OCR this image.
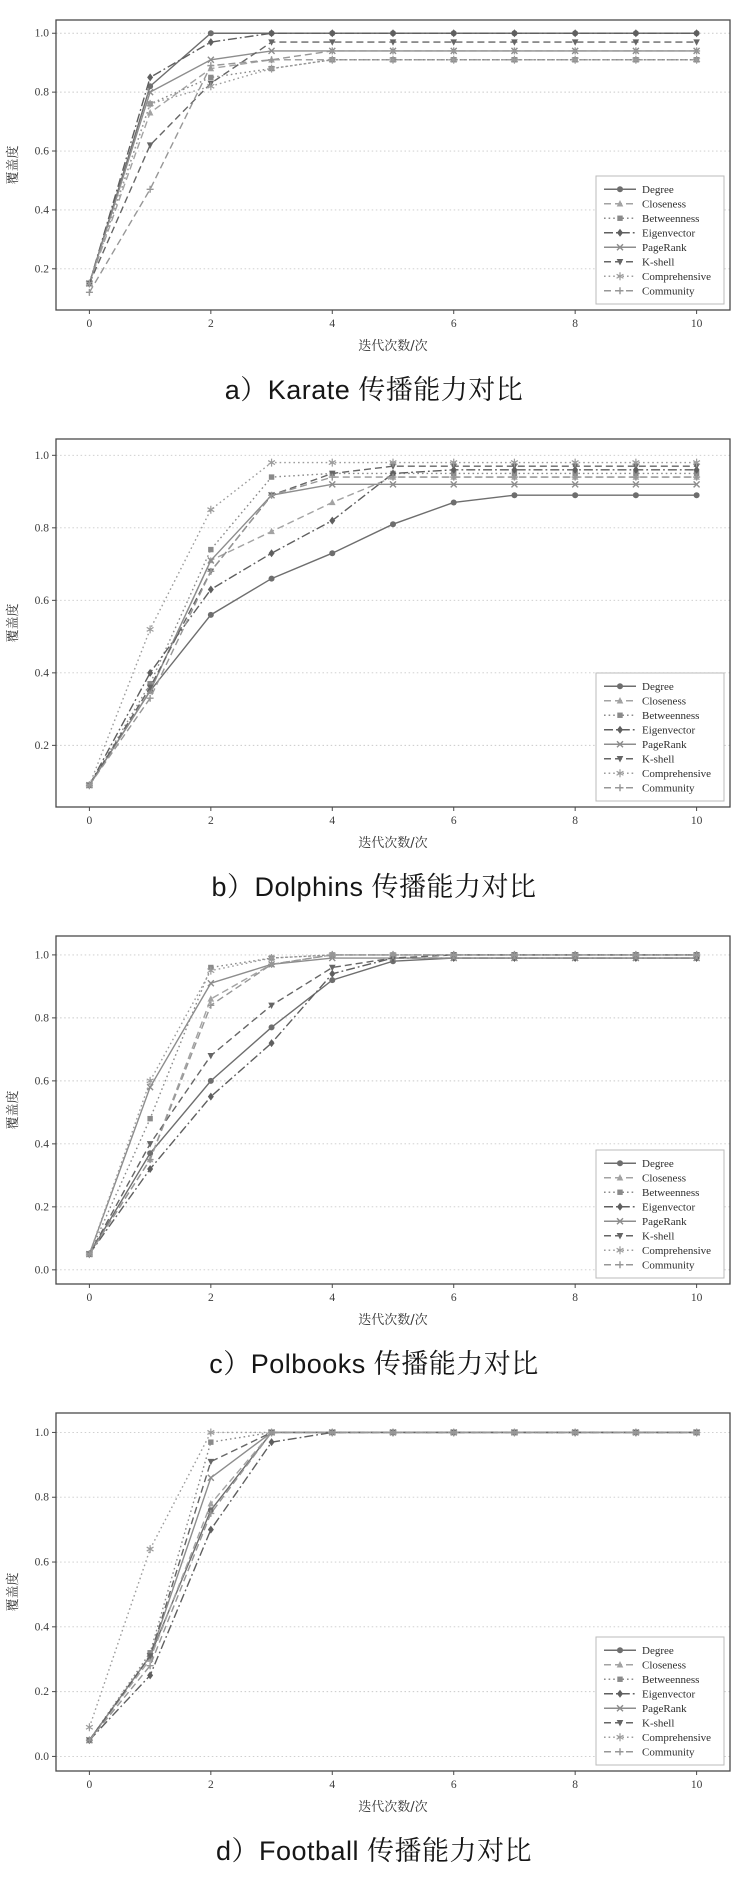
0.2
0.4
0.6
0.8
1.0
0	2	4	6	8	10
迭代次数/次
覆盖度
Degree
Closeness
Betweenness
Eigenvector
PageRank
K-shell
Comprehensive
Community
a）Karate 传播能力对比
0.2
0.4
0.6
0.8
1.0
0	2	4	6	8	10
迭代次数/次
覆盖度
Degree
Closeness
Betweenness
Eigenvector
PageRank
K-shell
Comprehensive
Community
b）Dolphins 传播能力对比
0.0
0.2
0.4
0.6
0.8
1.0
0	2	4	6	8	10
迭代次数/次
覆盖度
Degree
Closeness
Betweenness
Eigenvector
PageRank
K-shell
Comprehensive
Community
c）Polbooks 传播能力对比
0.0
0.2
0.4
0.6
0.8
1.0
0	2	4	6	8	10
迭代次数/次
覆盖度
Degree
Closeness
Betweenness
Eigenvector
PageRank
K-shell
Comprehensive
Community
d）Football 传播能力对比
